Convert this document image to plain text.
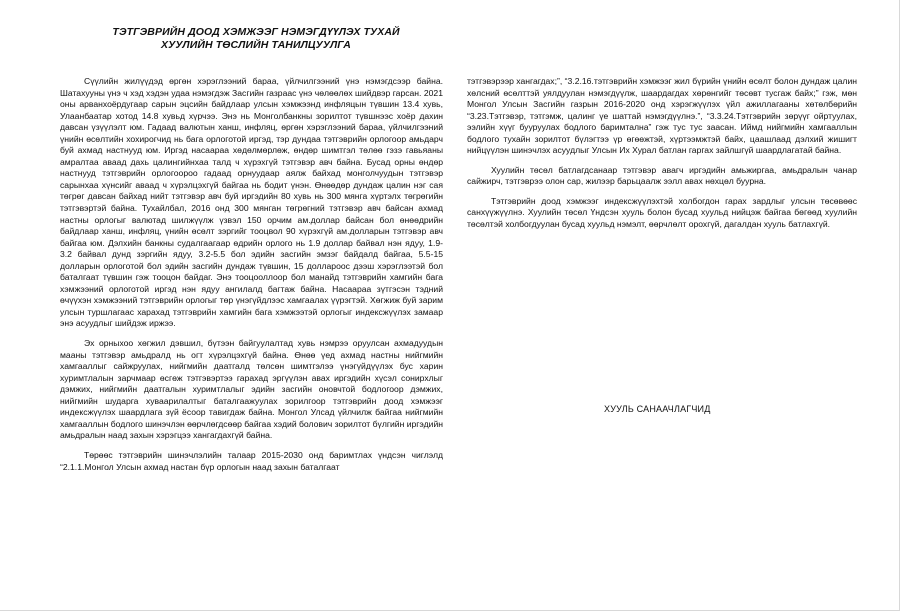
ТЭТГЭВРИЙН ДООД ХЭМЖЭЭГ НЭМЭГДҮҮЛЭХ ТУХАЙ
ХУУЛИЙН ТӨСЛИЙН ТАНИЛЦУУЛГА

Сүүлийн жилүүдэд өргөн хэрэглээний бараа, үйлчилгээний үнэ нэмэгдсээр байна. Шатахууны үнэ ч хэд хэдэн удаа нэмэгдэж Засгийн газраас үнэ чөлөөлөх шийдвэр гарсан. 2021 оны арванхоёрдугаар сарын эцсийн байдлаар улсын хэмжээнд инфляцын түвшин 13.4 хувь, Улаанбаатар хотод 14.8 хувьд хүрчээ. Энэ нь Монголбанкны зорилтот түвшнээс хоёр дахин давсан үзүүлэлт юм. Гадаад валютын ханш, инфляц, өргөн хэрэглээний бараа, үйлчилгээний үнийн өсөлтийн хохирогчид нь бага орлоготой иргэд, тэр дундаа тэтгэврийн орлогоор амьдарч буй ахмад настнууд юм. Иргэд насаараа хөдөлмөрлөж, өндөр шимтгэл төлөө гэзэ гавьяаны амралтаа аваад дахь цалингийнхаа талд ч хүрэхгүй тэтгэвэр авч байна. Бусад орны өндөр настнууд тэтгэврийн орлогоороо гадаад орнуудаар аялж байхад монголчуудын тэтгэвэр сарынхаа хүнсийг аваад ч хүрэлцэхгүй байгаа нь бодит үнэн. Өнөөдөр дундаж цалин нэг сая төгрөг давсан байхад нийт тэтгэвэр авч буй иргэдийн 80 хувь нь 300 мянга хүртэлх төгрөгийн тэтгэвэртэй байна. Тухайлбал, 2016 онд 300 мянган төгрөгний тэтгэвэр авч байсан ахмад настны орлогыг валютад шилжүүлж үзвэл 150 орчим ам.доллар байсан бол өнөөдрийн байдлаар ханш, инфляц, үнийн өсөлт зэргийг тооцвол 90 хүрэхгүй ам.долларын тэтгэвэр авч байгаа юм. Дэлхийн банкны судалгаагаар өдрийн орлого нь 1.9 доллар байвал нэн ядуу, 1.9-3.2 байвал дунд зэргийн ядуу, 3.2-5.5 бол эдийн засгийн эмзэг байдалд байгаа, 5.5-15 долларын орлоготой бол эдийн засгийн дундаж түвшин, 15 доллароос дээш хэрэглээтэй бол баталгаат түвшин гэж тооцон байдаг. Энэ тооцооллоор бол манайд тэтгэврийн хамгийн бага хэмжээний орлоготой иргэд нэн ядуу ангилалд багтаж байна. Насаараа зүтгэсэн тэдний өчүүхэн хэмжээний тэтгэврийн орлогыг төр үнэгүйдлээс хамгаалах үүрэгтэй. Хөгжиж буй зарим улсын туршлагаас харахад тэтгэврийн хамгийн бага хэмжээтэй орлогыг индексжүүлэх замаар энэ асуудлыг шийдэж иржээ.

Эх орныхоо хөгжил дэвшил, бүтээн байгуулалтад хувь нэмрээ оруулсан ахмадуудын мааны тэтгэвэр амьдралд нь огт хүрэлцэхгүй байна. Өнөө үед ахмад настны нийгмийн хамгааллыг сайжруулах, нийгмийн даатгалд төлсөн шимтгэлээ үнэгүйдүүлэх бус харин хуримтлалын зарчмаар өсгөж тэтгэвэртээ гарахад эргүүлэн авах иргэдийн хүсэл сонирхлыг дэмжих, нийгмийн даатгалын хуримтлалыг эдийн засгийн оновчтой бодлогоор дэмжих, нийгмийн шударга хуваарилалтыг баталгаажуулах зорилгоор тэтгэврийн доод хэмжээг индексжүүлэх шаардлага зүй ёсоор тавигдаж байна. Монгол Улсад үйлчилж байгаа нийгмийн хамгааллын бодлого шинэчлэн өөрчлөгдсөөр байгаа хэдий болович зорилтот бүлгийн иргэдийн амьдралын наад захын хэрэгцээ хангагдахгүй байна.

Төрөөс тэтгэврийн шинэчлэлийн талаар 2015-2030 онд баримтлах үндсэн чиглэлд “2.1.1.Монгол Улсын ахмад настан бүр орлогын наад захын баталгаат

тэтгэвэрээр хангагдах;”, “3.2.16.тэтгэврийн хэмжээг жил бүрийн үнийн өсөлт болон дундаж цалин хөлсний өсөлттэй уялдуулан нэмэгдүүлж, шаардагдах хөрөнгийг төсөвт тусгаж байх;” гэж, мөн Монгол Улсын Засгийн газрын 2016-2020 онд хэрэгжүүлэх үйл ажиллагааны хөтөлбөрийн “3.23.Тэтгэвэр, тэтгэмж, цалинг үе шаттай нэмэгдүүлнэ.”, “3.3.24.Тэтгэврийн зөрүүг ойртуулах, ээлийн хүүг бууруулах бодлого баримтална” гэж тус тус заасан. Иймд нийгмийн хамгааллын бодлого тухайн зорилтот бүлэгтээ үр өгөөжтэй, хүртээмжтэй байх, цаашлаад дэлхий жишигт нийцүүлэн шинэчлэх асуудлыг Улсын Их Хурал батлан гаргах зайлшгүй шаардлагатай байна.

Хуулийн төсөл батлагдсанаар тэтгэвэр авагч иргэдийн амьжиргаа, амьдралын чанар сайжирч, тэтгэврээ олон сар, жилээр барьцаалж ээлл авах нөхцөл буурна.

Тэтгэврийн доод хэмжээг индексжүүлэхтэй холбогдон гарах зардлыг улсын төсөвөөс санхүүжүүлнэ. Хуулийн төсөл Үндсэн хууль болон бусад хуульд нийцэж байгаа бөгөөд хуулийн төсөлтэй холбогдуулан бусад хуульд нэмэлт, өөрчлөлт орохгүй, дагалдан хууль батлахгүй.

ХУУЛЬ САНААЧЛАГЧИД
